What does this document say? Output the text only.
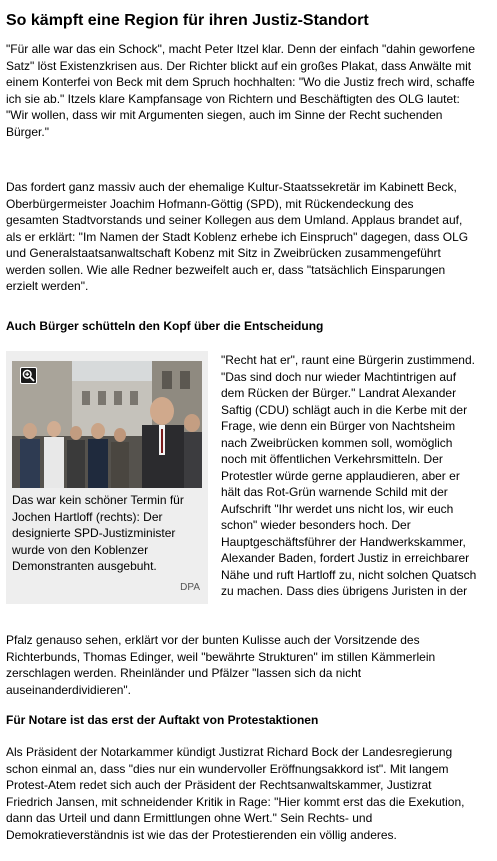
So kämpft eine Region für ihren Justiz-Standort
"Für alle war das ein Schock", macht Peter Itzel klar. Denn der einfach "dahin geworfene
Satz" löst Existenzkrisen aus. Der Richter blickt auf ein großes Plakat, dass Anwälte mit
einem Konterfei von Beck mit dem Spruch hochhalten: "Wo die Justiz frech wird, schaffe
ich sie ab." Itzels klare Kampfansage von Richtern und Beschäftigten des OLG lautet:
"Wir wollen, dass wir mit Argumenten siegen, auch im Sinne der Recht suchenden
Bürger."
Das fordert ganz massiv auch der ehemalige Kultur-Staatssekretär im Kabinett Beck,
Oberbürgermeister Joachim Hofmann-Göttig (SPD), mit Rückendeckung des
gesamten Stadtvorstands und seiner Kollegen aus dem Umland. Applaus brandet auf,
als er erklärt: "Im Namen der Stadt Koblenz erhebe ich Einspruch" dagegen, dass OLG
und Generalstaatsanwaltschaft Kobenz mit Sitz in Zweibrücken zusammengeführt
werden sollen. Wie alle Redner bezweifelt auch er, dass "tatsächlich Einsparungen
erzielt werden".
Auch Bürger schütteln den Kopf über die Entscheidung
Das war kein schöner Termin für
Jochen Hartloff (rechts): Der
designierte SPD-Justizminister
wurde von den Koblenzer
Demonstranten ausgebuht.
DPA
"Recht hat er", raunt eine Bürgerin zustimmend.
"Das sind doch nur wieder Machtintrigen auf
dem Rücken der Bürger." Landrat Alexander
Saftig (CDU) schlägt auch in die Kerbe mit der
Frage, wie denn ein Bürger von Nachtsheim
nach Zweibrücken kommen soll, womöglich
noch mit öffentlichen Verkehrsmitteln. Der
Protestler würde gerne applaudieren, aber er
hält das Rot-Grün warnende Schild mit der
Aufschrift "Ihr werdet uns nicht los, wir euch
schon" wieder besonders hoch. Der
Hauptgeschäftsführer der Handwerkskammer,
Alexander Baden, fordert Justiz in erreichbarer
Nähe und ruft Hartloff zu, nicht solchen Quatsch
zu machen. Dass dies übrigens Juristen in der
Pfalz genauso sehen, erklärt vor der bunten Kulisse auch der Vorsitzende des
Richterbunds, Thomas Edinger, weil "bewährte Strukturen" im stillen Kämmerlein
zerschlagen werden. Rheinländer und Pfälzer "lassen sich da nicht
auseinanderdividieren".
Für Notare ist das erst der Auftakt von Protestaktionen
Als Präsident der Notarkammer kündigt Justizrat Richard Bock der Landesregierung
schon einmal an, dass "dies nur ein wundervoller Eröffnungsakkord ist". Mit langem
Protest-Atem redet sich auch der Präsident der Rechtsanwaltskammer, Justizrat
Friedrich Jansen, mit schneidender Kritik in Rage: "Hier kommt erst das die Exekution,
dann das Urteil und dann Ermittlungen ohne Wert." Sein Rechts- und
Demokratieverständnis ist wie das der Protestierenden ein völlig anderes.
